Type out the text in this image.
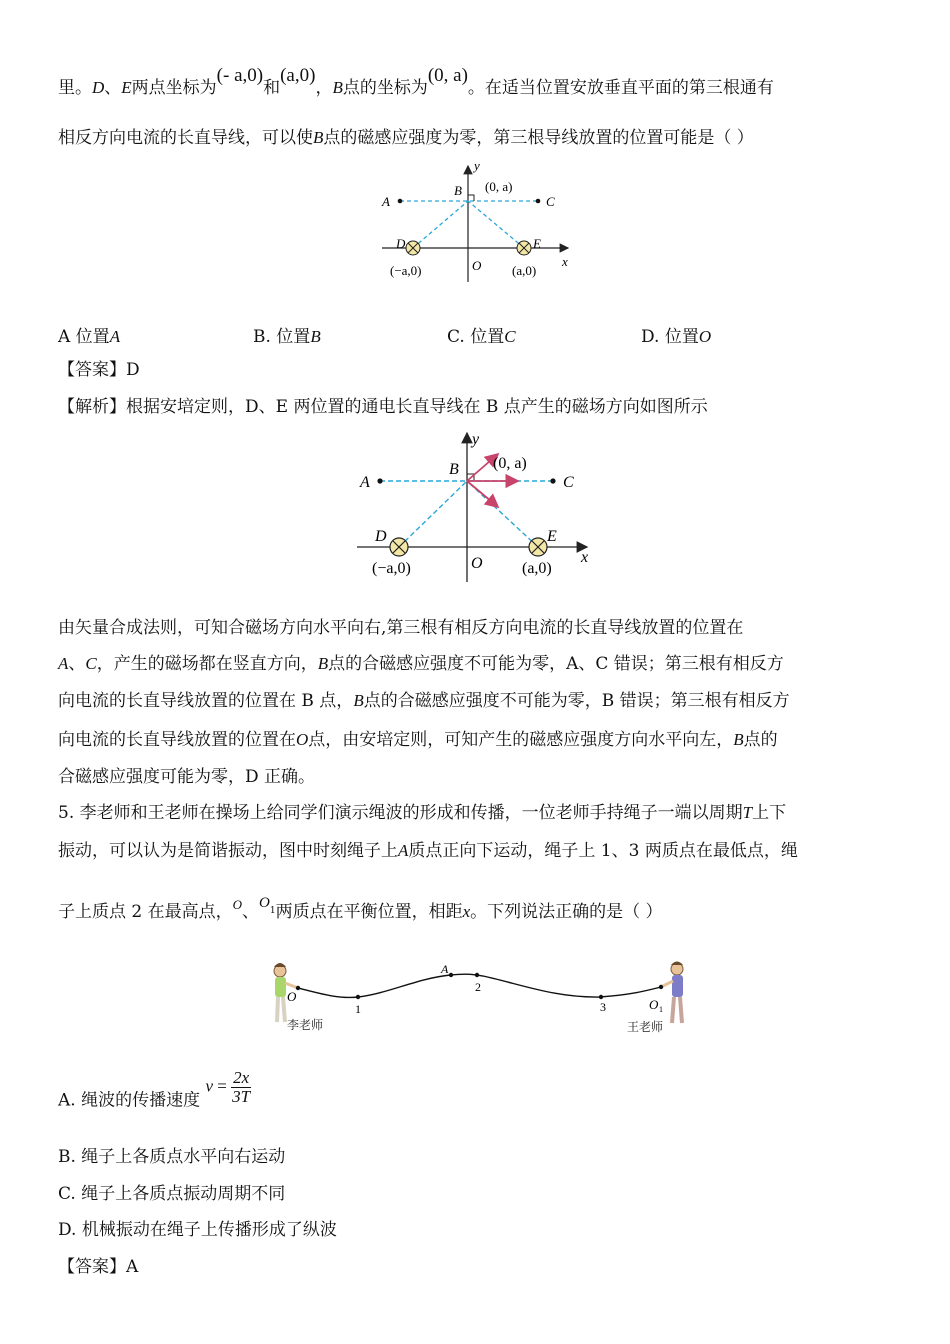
里。D、E两点坐标为(- a,0)和(a,0)，B点的坐标为(0, a)。在适当位置安放垂直平面的第三根通有
相反方向电流的长直导线，可以使B点的磁感应强度为零，第三根导线放置的位置可能是（ ）
A	C
B (0, a)
D	E
(−a,0)	(a,0)
O	x
y
A 位置A	B. 位置B	C. 位置C	D. 位置O
【答案】D
【解析】根据安培定则，D、E 两位置的通电长直导线在 B 点产生的磁场方向如图所示
A	C
B (0, a)
D	E
(−a,0)	(a,0)
O	x
y
由矢量合成法则，可知合磁场方向水平向右,第三根有相反方向电流的长直导线放置的位置在
A、C，产生的磁场都在竖直方向，B点的合磁感应强度不可能为零，A、C 错误；第三根有相反方
向电流的长直导线放置的位置在 B 点，B点的合磁感应强度不可能为零，B 错误；第三根有相反方
向电流的长直导线放置的位置在O点，由安培定则，可知产生的磁感应强度方向水平向左，B点的
合磁感应强度可能为零，D 正确。
5. 李老师和王老师在操场上给同学们演示绳波的形成和传播，一位老师手持绳子一端以周期T上下
振动，可以认为是简谐振动，图中时刻绳子上A质点正向下运动，绳子上 1、3 两质点在最低点，绳
子上质点 2 在最高点，$^O$、$O_1$两质点在平衡位置，相距x。下列说法正确的是（ ）
O
1
A
2
3	O 1
李老师	王老师
A. 绳波的传播速度 $v = \frac{2x}{3T}$
B. 绳子上各质点水平向右运动
C. 绳子上各质点振动周期不同
D. 机械振动在绳子上传播形成了纵波
【答案】A
